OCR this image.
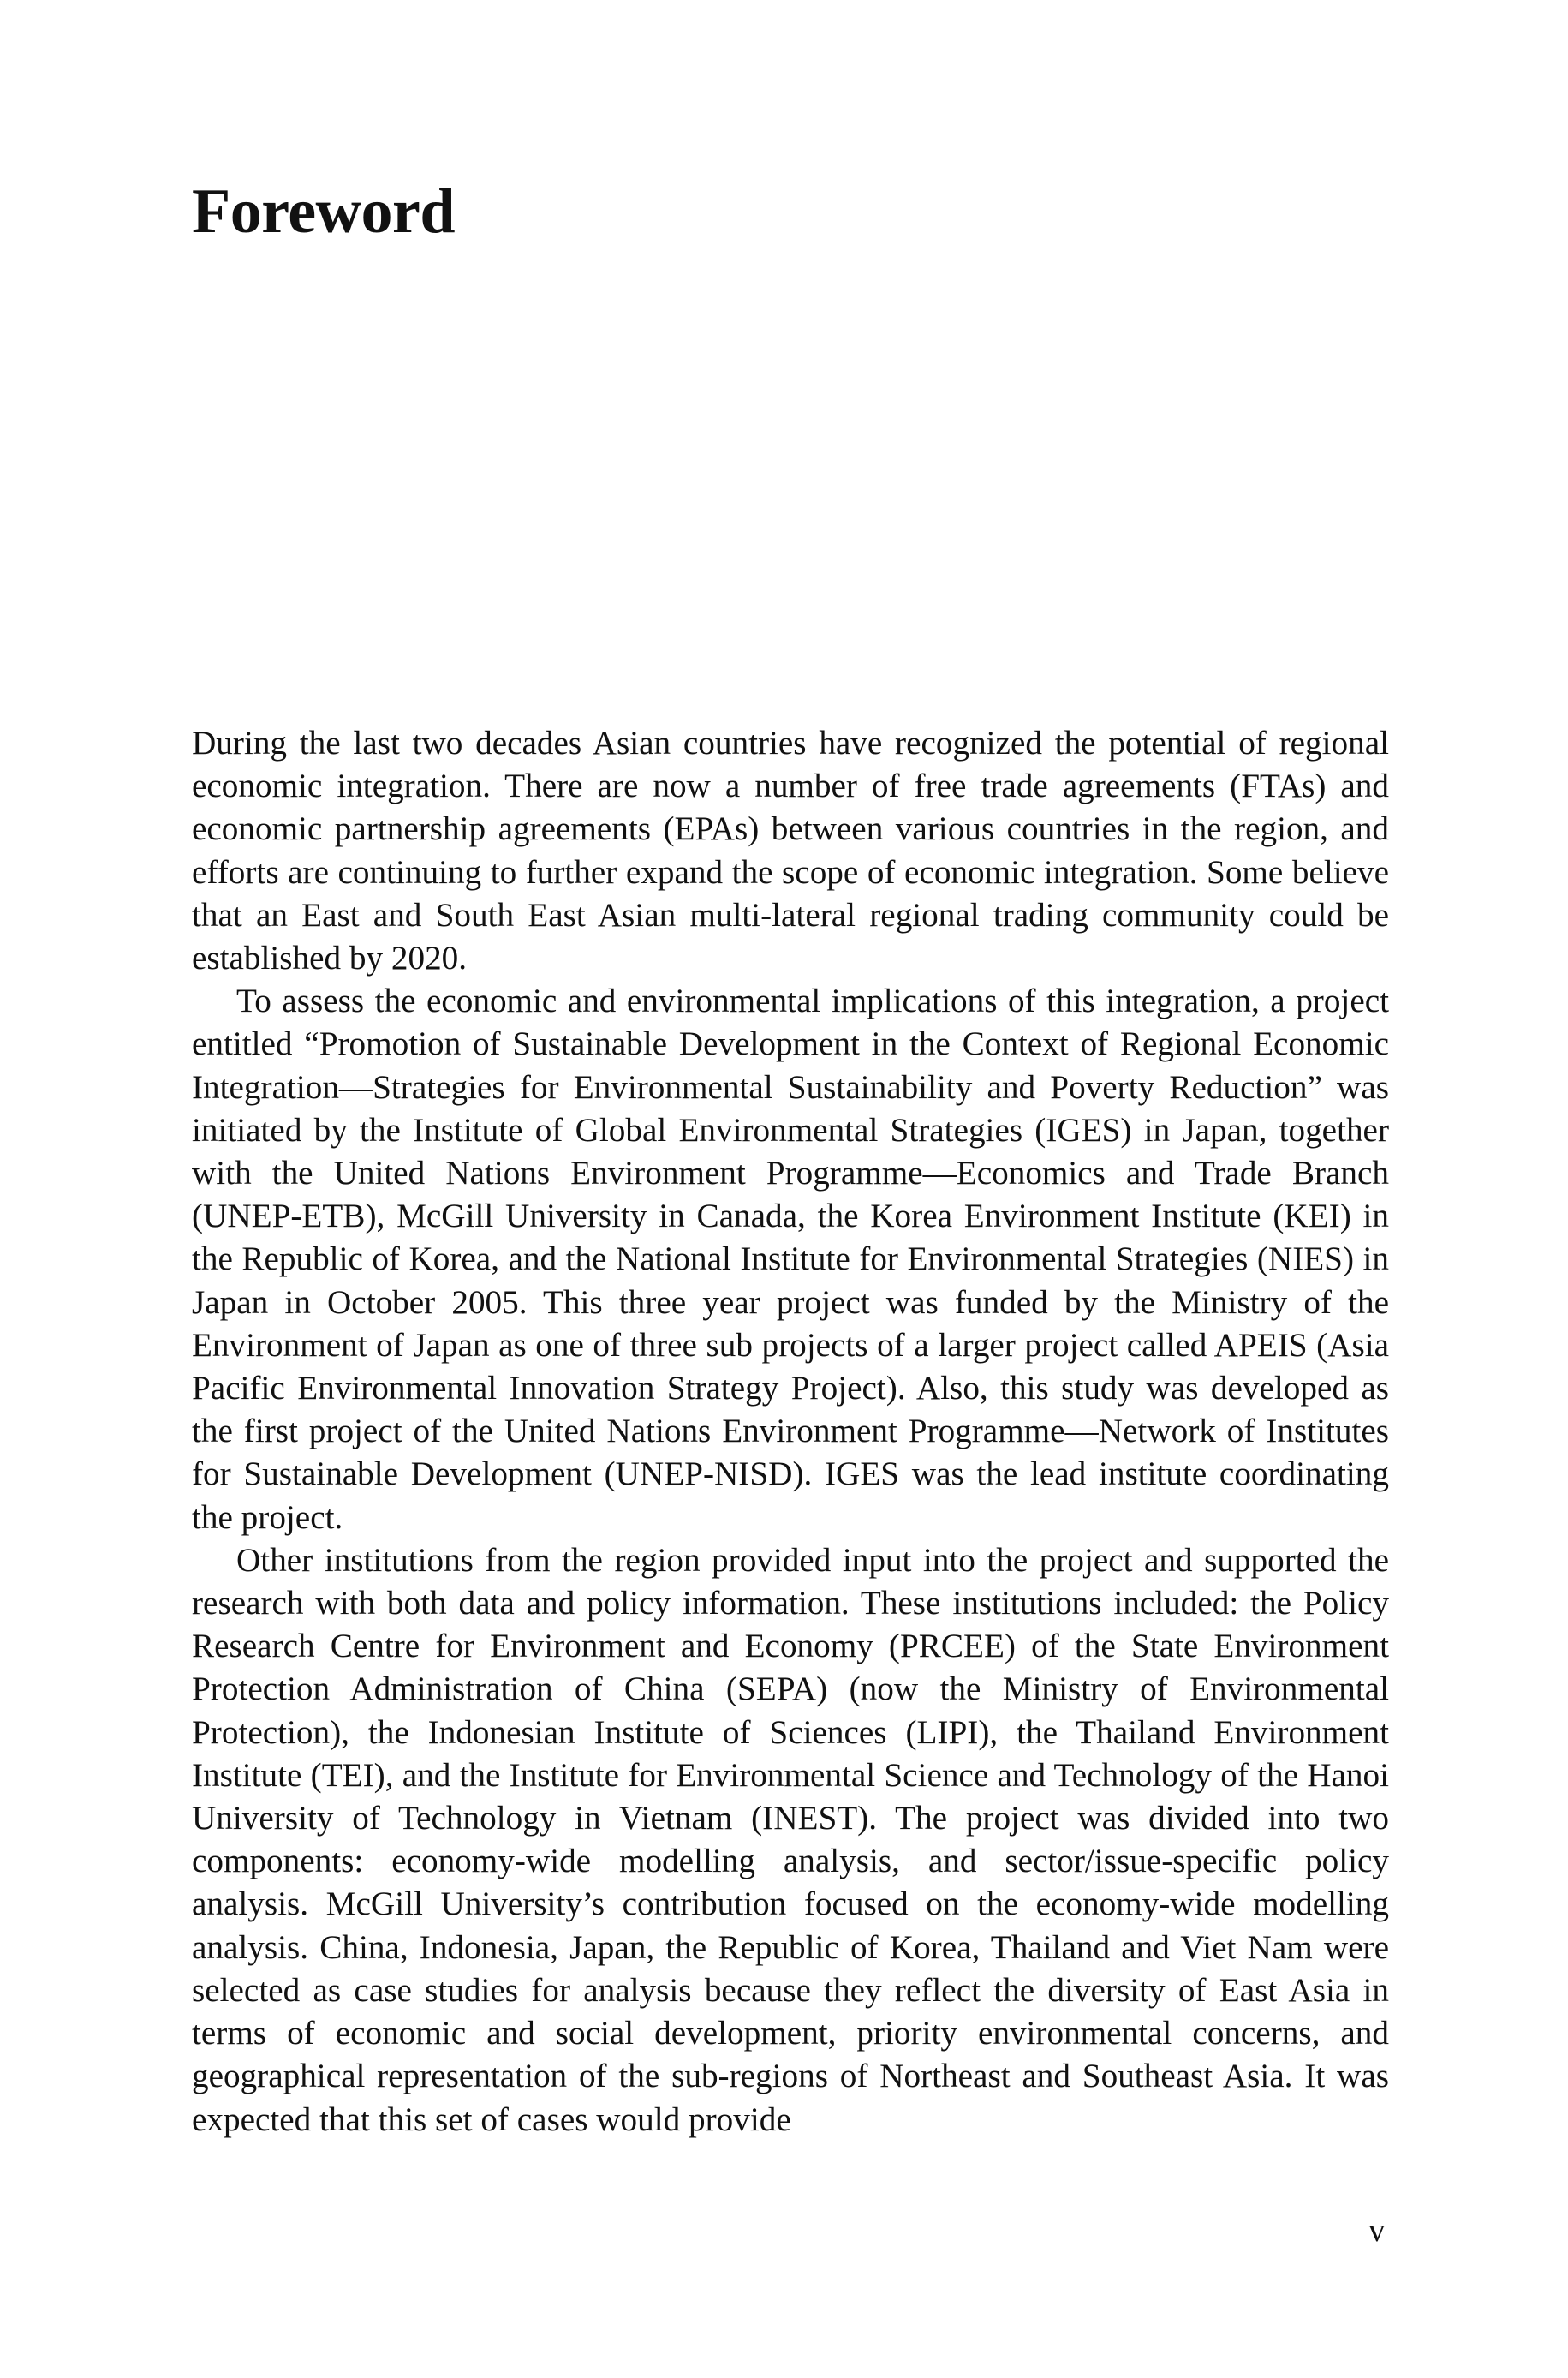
Foreword

During the last two decades Asian countries have recognized the potential of regional economic integration. There are now a number of free trade agreements (FTAs) and economic partnership agreements (EPAs) between various countries in the region, and efforts are continuing to further expand the scope of economic integration. Some believe that an East and South East Asian multi-lateral regional trading community could be established by 2020.

To assess the economic and environmental implications of this integration, a project entitled “Promotion of Sustainable Development in the Context of Regional Economic Integration—Strategies for Environmental Sustainability and Poverty Reduction” was initiated by the Institute of Global Environmental Strategies (IGES) in Japan, together with the United Nations Environment Programme—Economics and Trade Branch (UNEP-ETB), McGill University in Canada, the Korea Environment Institute (KEI) in the Republic of Korea, and the National Institute for Environmental Strategies (NIES) in Japan in October 2005. This three year project was funded by the Ministry of the Environment of Japan as one of three sub projects of a larger project called APEIS (Asia Pacific Environmental Innovation Strategy Project). Also, this study was developed as the first project of the United Nations Environment Programme—Network of Institutes for Sustainable Development (UNEP-NISD). IGES was the lead institute coordinating the project.

Other institutions from the region provided input into the project and supported the research with both data and policy information. These institutions included: the Policy Research Centre for Environment and Economy (PRCEE) of the State Environment Protection Administration of China (SEPA) (now the Ministry of Environmental Protection), the Indonesian Institute of Sciences (LIPI), the Thailand Environment Institute (TEI), and the Institute for Environmental Science and Technology of the Hanoi University of Technology in Vietnam (INEST). The project was divided into two components: economy-wide modelling analysis, and sector/issue-specific policy analysis. McGill University’s contribution focused on the economy-wide modelling analysis. China, Indonesia, Japan, the Republic of Korea, Thailand and Viet Nam were selected as case studies for analysis because they reflect the diversity of East Asia in terms of economic and social development, priority environmental concerns, and geographical representation of the sub-regions of Northeast and Southeast Asia. It was expected that this set of cases would provide

v
